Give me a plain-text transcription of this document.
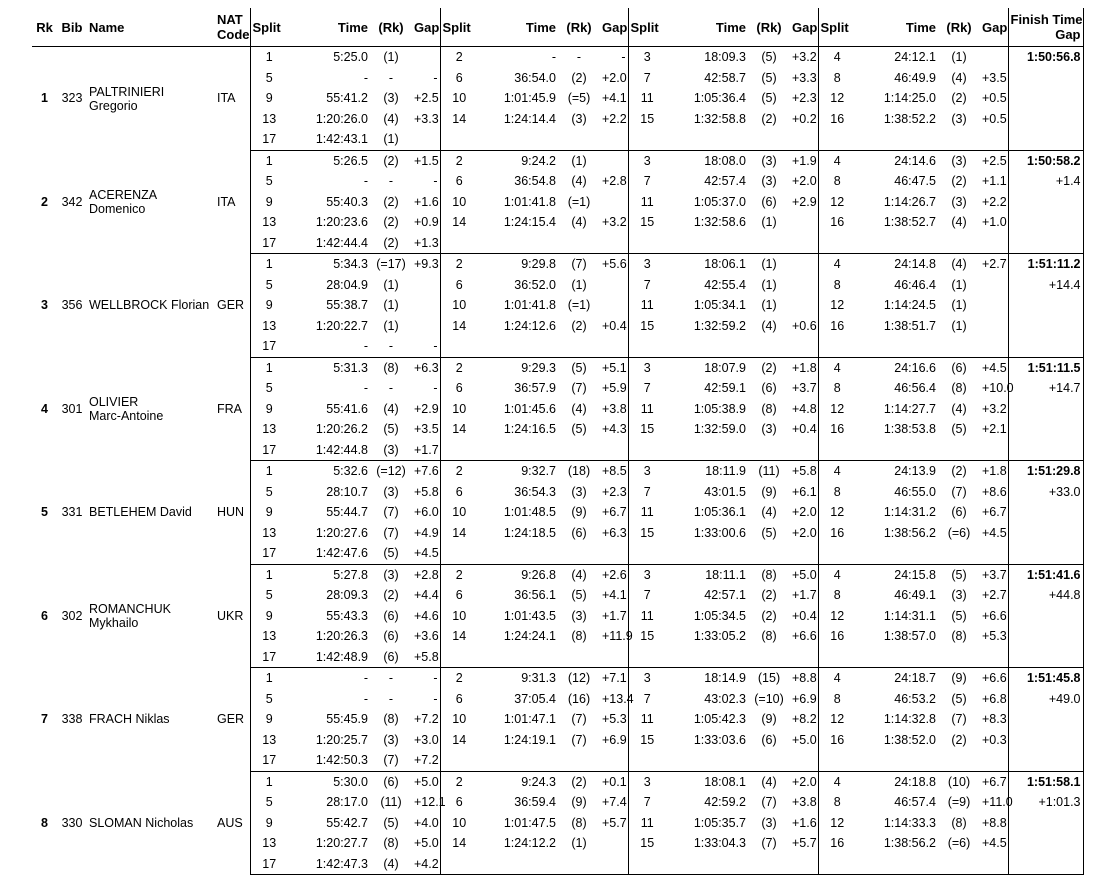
Rk	Bib	Name	NAT
Code	Split	Time	(Rk)	Gap	Split	Time	(Rk)	Gap	Split	Time	(Rk)	Gap	Split	Time	(Rk)	Gap	Finish Time
Gap
1	323	PALTRINIERI
Gregorio	ITA	1	5:25.0	(1)		2	-	-	-	3	18:09.3	(5)	+3.2	4	24:12.1	(1)		1:50:56.8
				5	-	-	-	6	36:54.0	(2)	+2.0	7	42:58.7	(5)	+3.3	8	46:49.9	(4)	+3.5	
				9	55:41.2	(3)	+2.5	10	1:01:45.9	(=5)	+4.1	11	1:05:36.4	(5)	+2.3	12	1:14:25.0	(2)	+0.5	
				13	1:20:26.0	(4)	+3.3	14	1:24:14.4	(3)	+2.2	15	1:32:58.8	(2)	+0.2	16	1:38:52.2	(3)	+0.5	
				17	1:42:43.1	(1)														
2	342	ACERENZA
Domenico	ITA	1	5:26.5	(2)	+1.5	2	9:24.2	(1)		3	18:08.0	(3)	+1.9	4	24:14.6	(3)	+2.5	1:50:58.2
				5	-	-	-	6	36:54.8	(4)	+2.8	7	42:57.4	(3)	+2.0	8	46:47.5	(2)	+1.1	+1.4
				9	55:40.3	(2)	+1.6	10	1:01:41.8	(=1)		11	1:05:37.0	(6)	+2.9	12	1:14:26.7	(3)	+2.2	
				13	1:20:23.6	(2)	+0.9	14	1:24:15.4	(4)	+3.2	15	1:32:58.6	(1)		16	1:38:52.7	(4)	+1.0	
				17	1:42:44.4	(2)	+1.3													
3	356	WELLBROCK Florian	GER	1	5:34.3	(=17)	+9.3	2	9:29.8	(7)	+5.6	3	18:06.1	(1)		4	24:14.8	(4)	+2.7	1:51:11.2
				5	28:04.9	(1)		6	36:52.0	(1)		7	42:55.4	(1)		8	46:46.4	(1)		+14.4
				9	55:38.7	(1)		10	1:01:41.8	(=1)		11	1:05:34.1	(1)		12	1:14:24.5	(1)		
				13	1:20:22.7	(1)		14	1:24:12.6	(2)	+0.4	15	1:32:59.2	(4)	+0.6	16	1:38:51.7	(1)		
				17	-	-	-													
4	301	OLIVIER
Marc-Antoine	FRA	1	5:31.3	(8)	+6.3	2	9:29.3	(5)	+5.1	3	18:07.9	(2)	+1.8	4	24:16.6	(6)	+4.5	1:51:11.5
				5	-	-	-	6	36:57.9	(7)	+5.9	7	42:59.1	(6)	+3.7	8	46:56.4	(8)	+10.0	+14.7
				9	55:41.6	(4)	+2.9	10	1:01:45.6	(4)	+3.8	11	1:05:38.9	(8)	+4.8	12	1:14:27.7	(4)	+3.2	
				13	1:20:26.2	(5)	+3.5	14	1:24:16.5	(5)	+4.3	15	1:32:59.0	(3)	+0.4	16	1:38:53.8	(5)	+2.1	
				17	1:42:44.8	(3)	+1.7													
5	331	BETLEHEM David	HUN	1	5:32.6	(=12)	+7.6	2	9:32.7	(18)	+8.5	3	18:11.9	(11)	+5.8	4	24:13.9	(2)	+1.8	1:51:29.8
				5	28:10.7	(3)	+5.8	6	36:54.3	(3)	+2.3	7	43:01.5	(9)	+6.1	8	46:55.0	(7)	+8.6	+33.0
				9	55:44.7	(7)	+6.0	10	1:01:48.5	(9)	+6.7	11	1:05:36.1	(4)	+2.0	12	1:14:31.2	(6)	+6.7	
				13	1:20:27.6	(7)	+4.9	14	1:24:18.5	(6)	+6.3	15	1:33:00.6	(5)	+2.0	16	1:38:56.2	(=6)	+4.5	
				17	1:42:47.6	(5)	+4.5													
6	302	ROMANCHUK
Mykhailo	UKR	1	5:27.8	(3)	+2.8	2	9:26.8	(4)	+2.6	3	18:11.1	(8)	+5.0	4	24:15.8	(5)	+3.7	1:51:41.6
				5	28:09.3	(2)	+4.4	6	36:56.1	(5)	+4.1	7	42:57.1	(2)	+1.7	8	46:49.1	(3)	+2.7	+44.8
				9	55:43.3	(6)	+4.6	10	1:01:43.5	(3)	+1.7	11	1:05:34.5	(2)	+0.4	12	1:14:31.1	(5)	+6.6	
				13	1:20:26.3	(6)	+3.6	14	1:24:24.1	(8)	+11.9	15	1:33:05.2	(8)	+6.6	16	1:38:57.0	(8)	+5.3	
				17	1:42:48.9	(6)	+5.8													
7	338	FRACH Niklas	GER	1	-	-	-	2	9:31.3	(12)	+7.1	3	18:14.9	(15)	+8.8	4	24:18.7	(9)	+6.6	1:51:45.8
				5	-	-	-	6	37:05.4	(16)	+13.4	7	43:02.3	(=10)	+6.9	8	46:53.2	(5)	+6.8	+49.0
				9	55:45.9	(8)	+7.2	10	1:01:47.1	(7)	+5.3	11	1:05:42.3	(9)	+8.2	12	1:14:32.8	(7)	+8.3	
				13	1:20:25.7	(3)	+3.0	14	1:24:19.1	(7)	+6.9	15	1:33:03.6	(6)	+5.0	16	1:38:52.0	(2)	+0.3	
				17	1:42:50.3	(7)	+7.2													
8	330	SLOMAN Nicholas	AUS	1	5:30.0	(6)	+5.0	2	9:24.3	(2)	+0.1	3	18:08.1	(4)	+2.0	4	24:18.8	(10)	+6.7	1:51:58.1
				5	28:17.0	(11)	+12.1	6	36:59.4	(9)	+7.4	7	42:59.2	(7)	+3.8	8	46:57.4	(=9)	+11.0	+1:01.3
				9	55:42.7	(5)	+4.0	10	1:01:47.5	(8)	+5.7	11	1:05:35.7	(3)	+1.6	12	1:14:33.3	(8)	+8.8	
				13	1:20:27.7	(8)	+5.0	14	1:24:12.2	(1)		15	1:33:04.3	(7)	+5.7	16	1:38:56.2	(=6)	+4.5	
				17	1:42:47.3	(4)	+4.2													
